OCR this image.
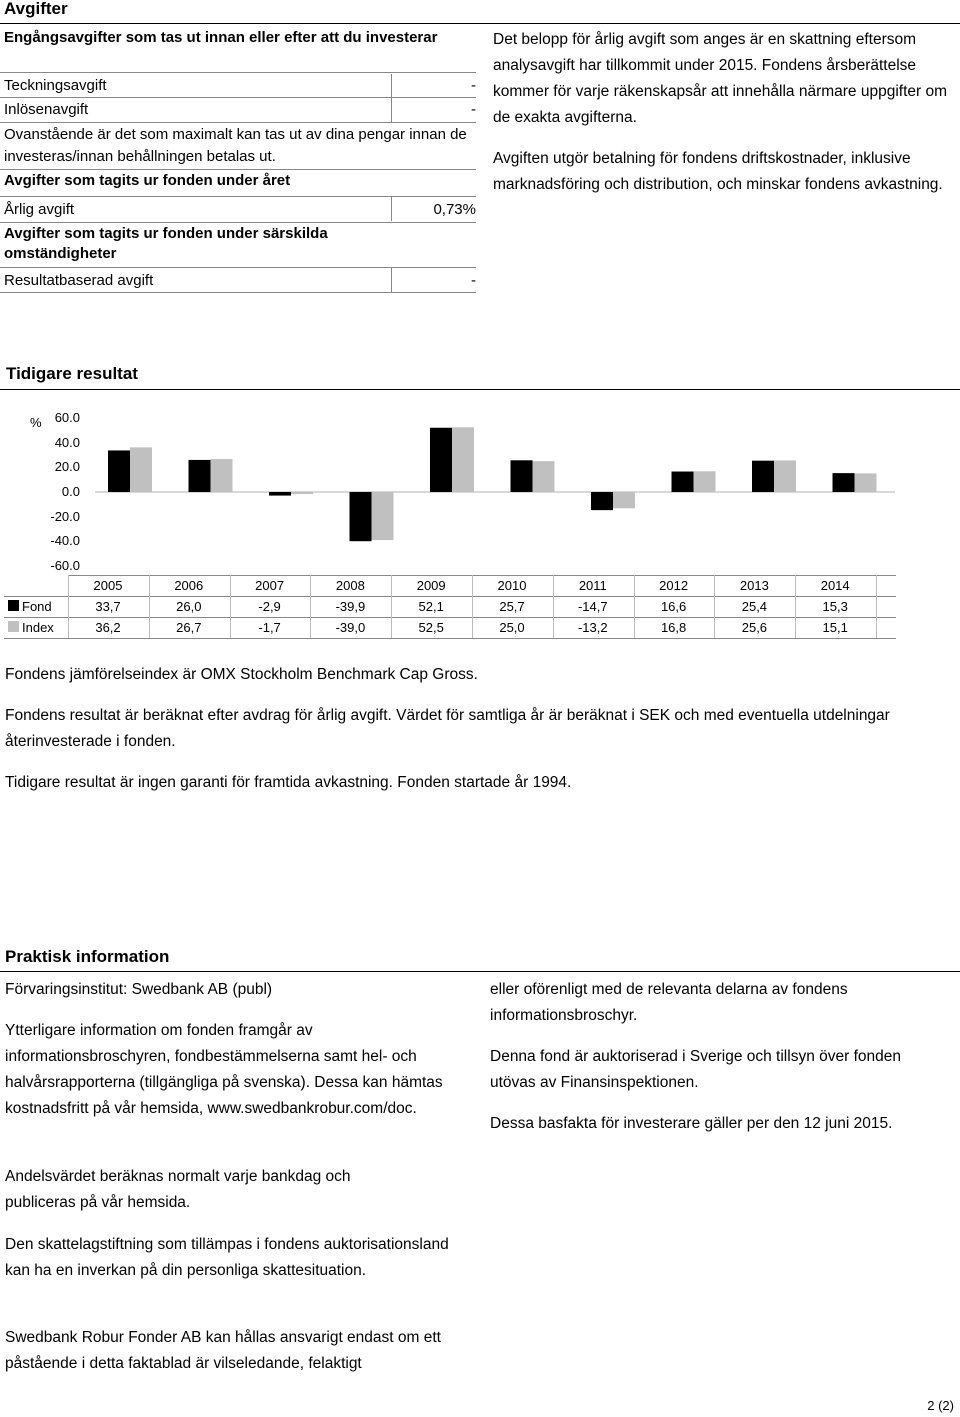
Avgifter
Engångsavgifter som tas ut innan eller efter att du investerar
Teckningsavgift	-
Inlösenavgift	-
Ovanstående är det som maximalt kan tas ut av dina pengar innan de investeras/innan behållningen betalas ut.
Avgifter som tagits ur fonden under året
Årlig avgift	0,73%
Avgifter som tagits ur fonden under särskilda omständigheter
Resultatbaserad avgift	-
Det belopp för årlig avgift som anges är en skattning eftersom analysavgift har tillkommit under 2015. Fondens årsberättelse kommer för varje räkenskapsår att innehålla närmare uppgifter om de exakta avgifterna.
Avgiften utgör betalning för fondens driftskostnader, inklusive marknadsföring och distribution, och minskar fondens avkastning.
Tidigare resultat
%	60.0
40.0
20.0
0.0
-20.0
-40.0
-60.0
2005	2006	2007	2008	2009	2010	2011	2012	2013	2014
Fond	33,7	26,0	-2,9	-39,9	52,1	25,7	-14,7	16,6	25,4	15,3
Index	36,2	26,7	-1,7	-39,0	52,5	25,0	-13,2	16,8	25,6	15,1
Fondens jämförelseindex är OMX Stockholm Benchmark Cap Gross.
Fondens resultat är beräknat efter avdrag för årlig avgift. Värdet för samtliga år är beräknat i SEK och med eventuella utdelningar återinvesterade i fonden.
Tidigare resultat är ingen garanti för framtida avkastning. Fonden startade år 1994.
Praktisk information
Förvaringsinstitut: Swedbank AB (publ)
Ytterligare information om fonden framgår av informationsbroschyren, fondbestämmelserna samt hel- och halvårsrapporterna (tillgängliga på svenska). Dessa kan hämtas kostnadsfritt på vår hemsida, www.swedbankrobur.com/doc.
Andelsvärdet beräknas normalt varje bankdag och publiceras på vår hemsida.
Den skattelagstiftning som tillämpas i fondens auktorisationsland kan ha en inverkan på din personliga skattesituation.
Swedbank Robur Fonder AB kan hållas ansvarigt endast om ett påstående i detta faktablad är vilseledande, felaktigt
eller oförenligt med de relevanta delarna av fondens informationsbroschyr.
Denna fond är auktoriserad i Sverige och tillsyn över fonden utövas av Finansinspektionen.
Dessa basfakta för investerare gäller per den 12 juni 2015.
2 (2)
